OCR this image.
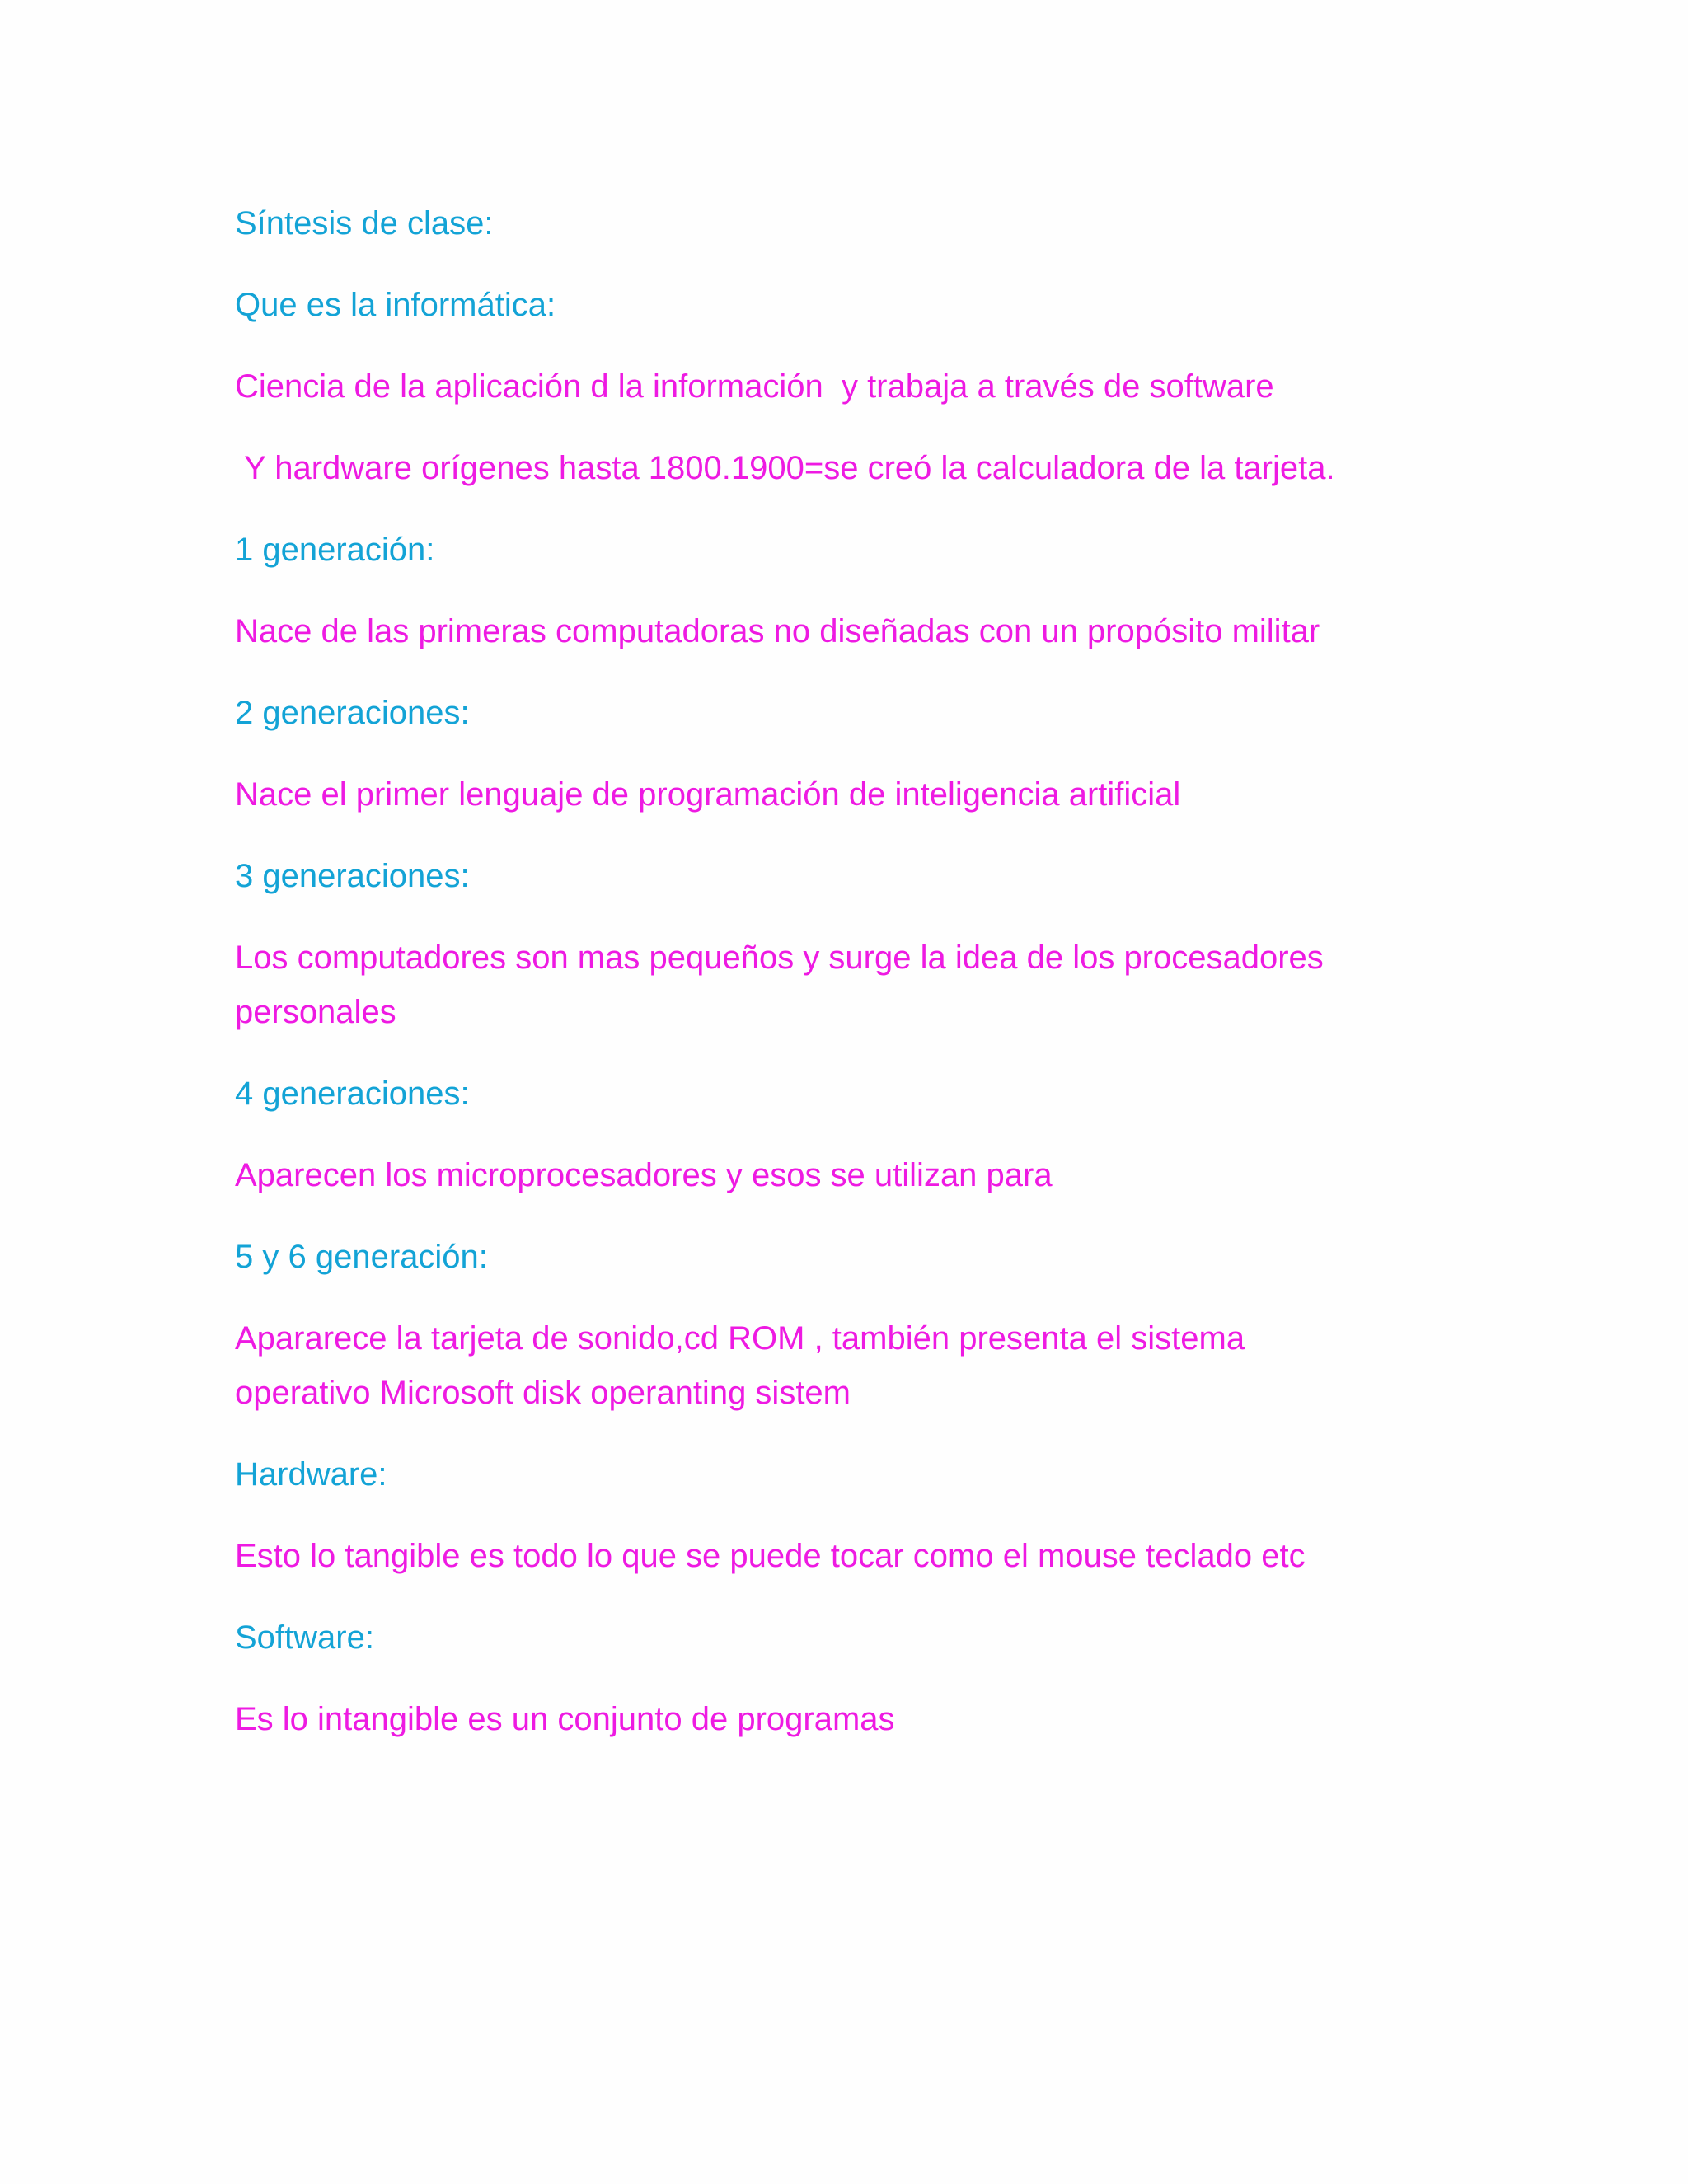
Síntesis de clase:

Que es la informática:

Ciencia de la aplicación d la información  y trabaja a través de software

Y hardware orígenes hasta 1800.1900=se creó la calculadora de la tarjeta.

1 generación:

Nace de las primeras computadoras no diseñadas con un propósito militar

2 generaciones:

Nace el primer lenguaje de programación de inteligencia artificial

3 generaciones:

Los computadores son mas pequeños y surge la idea de los procesadores personales

4 generaciones:

Aparecen los microprocesadores y esos se utilizan para

5 y 6 generación:

Apararece la tarjeta de sonido,cd ROM , también presenta el sistema operativo Microsoft disk operanting sistem

Hardware:

Esto lo tangible es todo lo que se puede tocar como el mouse teclado etc

Software:

Es lo intangible es un conjunto de programas
